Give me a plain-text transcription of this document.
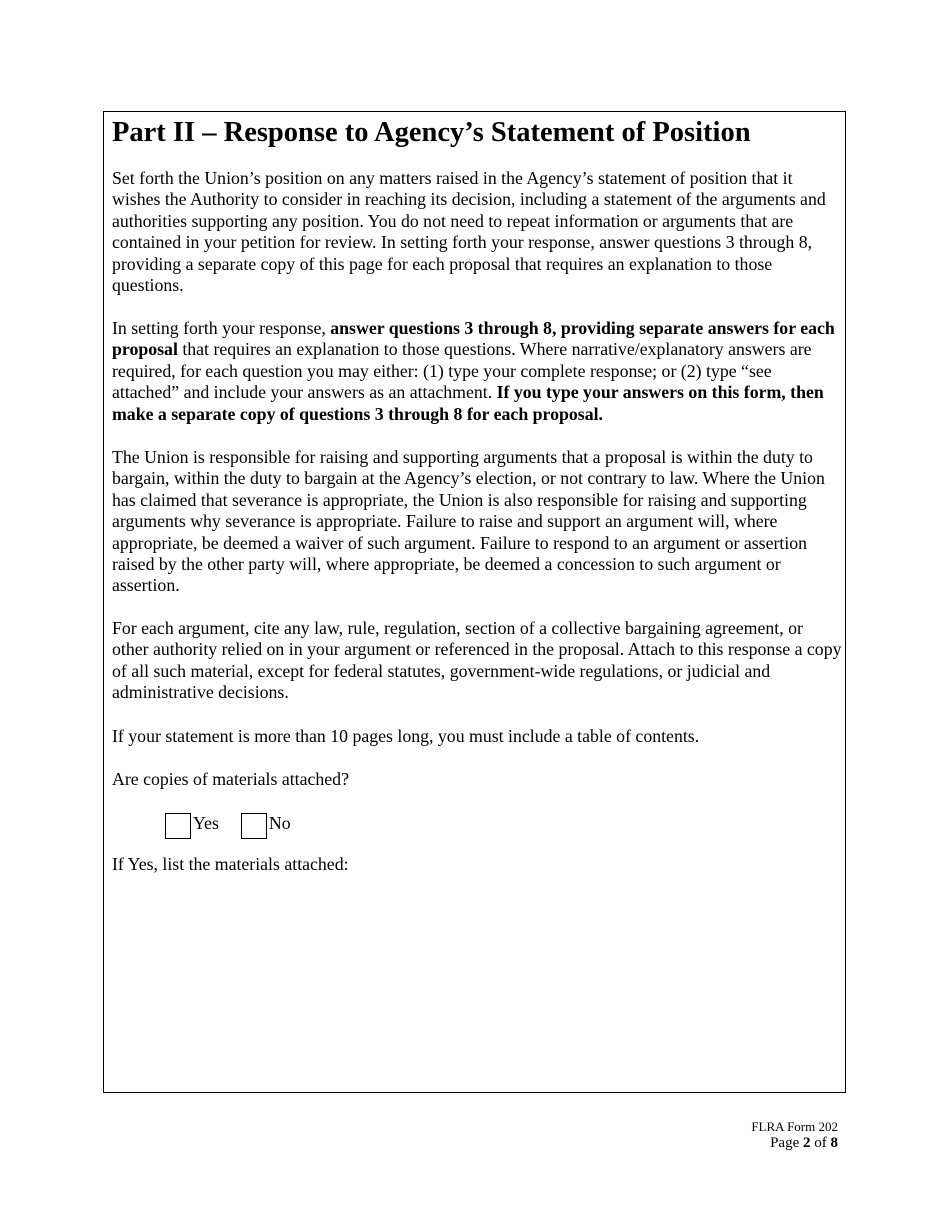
Part II – Response to Agency’s Statement of Position

Set forth the Union’s position on any matters raised in the Agency’s statement of position that it wishes the Authority to consider in reaching its decision, including a statement of the arguments and authorities supporting any position. You do not need to repeat information or arguments that are contained in your petition for review. In setting forth your response, answer questions 3 through 8, providing a separate copy of this page for each proposal that requires an explanation to those questions.

In setting forth your response, answer questions 3 through 8, providing separate answers for each proposal that requires an explanation to those questions. Where narrative/explanatory answers are required, for each question you may either: (1) type your complete response; or (2) type “see attached” and include your answers as an attachment. If you type your answers on this form, then make a separate copy of questions 3 through 8 for each proposal.

The Union is responsible for raising and supporting arguments that a proposal is within the duty to bargain, within the duty to bargain at the Agency’s election, or not contrary to law. Where the Union has claimed that severance is appropriate, the Union is also responsible for raising and supporting arguments why severance is appropriate. Failure to raise and support an argument will, where appropriate, be deemed a waiver of such argument. Failure to respond to an argument or assertion raised by the other party will, where appropriate, be deemed a concession to such argument or assertion.

For each argument, cite any law, rule, regulation, section of a collective bargaining agreement, or other authority relied on in your argument or referenced in the proposal. Attach to this response a copy of all such material, except for federal statutes, government-wide regulations, or judicial and administrative decisions.

If your statement is more than 10 pages long, you must include a table of contents.

Are copies of materials attached?

Yes	No

If Yes, list the materials attached:

FLRA Form 202
Page 2 of 8
